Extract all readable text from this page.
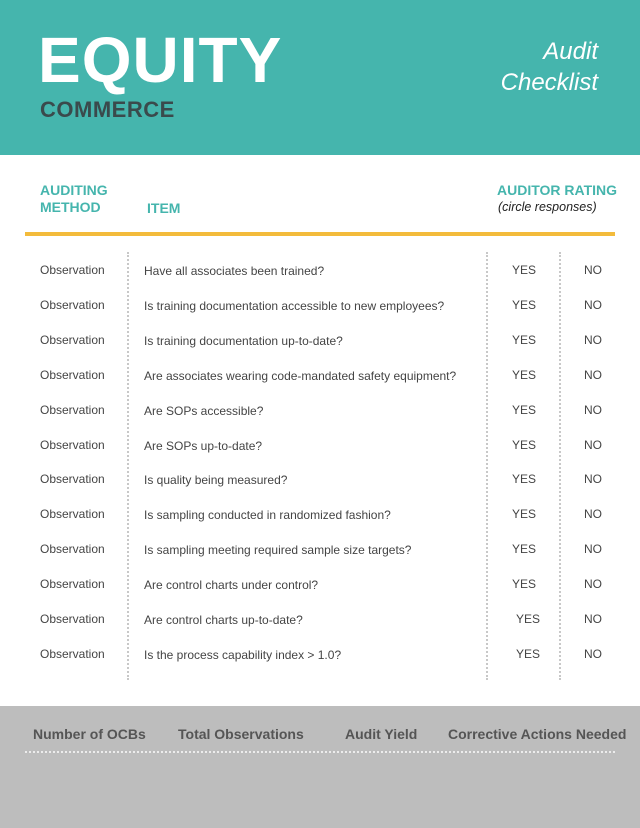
EQUITY
COMMERCE
Audit
Checklist
AUDITING
METHOD	ITEM
AUDITOR RATING
(circle responses)
Observation	Have all associates been trained?	YES	NO
Observation	Is training documentation accessible to new employees?	YES	NO
Observation	Is training documentation up-to-date?	YES	NO
Observation	Are associates wearing code-mandated safety equipment?	YES	NO
Observation	Are SOPs accessible?	YES	NO
Observation	Are SOPs up-to-date?	YES	NO
Observation	Is quality being measured?	YES	NO
Observation	Is sampling conducted in randomized fashion?	YES	NO
Observation	Is sampling meeting required sample size targets?	YES	NO
Observation	Are control charts under control?	YES	NO
Observation	Are control charts up-to-date?	YES	NO
Observation	Is the process capability index > 1.0?	YES	NO
Number of OCBs Total Observations	Audit Yield Corrective Actions Needed
